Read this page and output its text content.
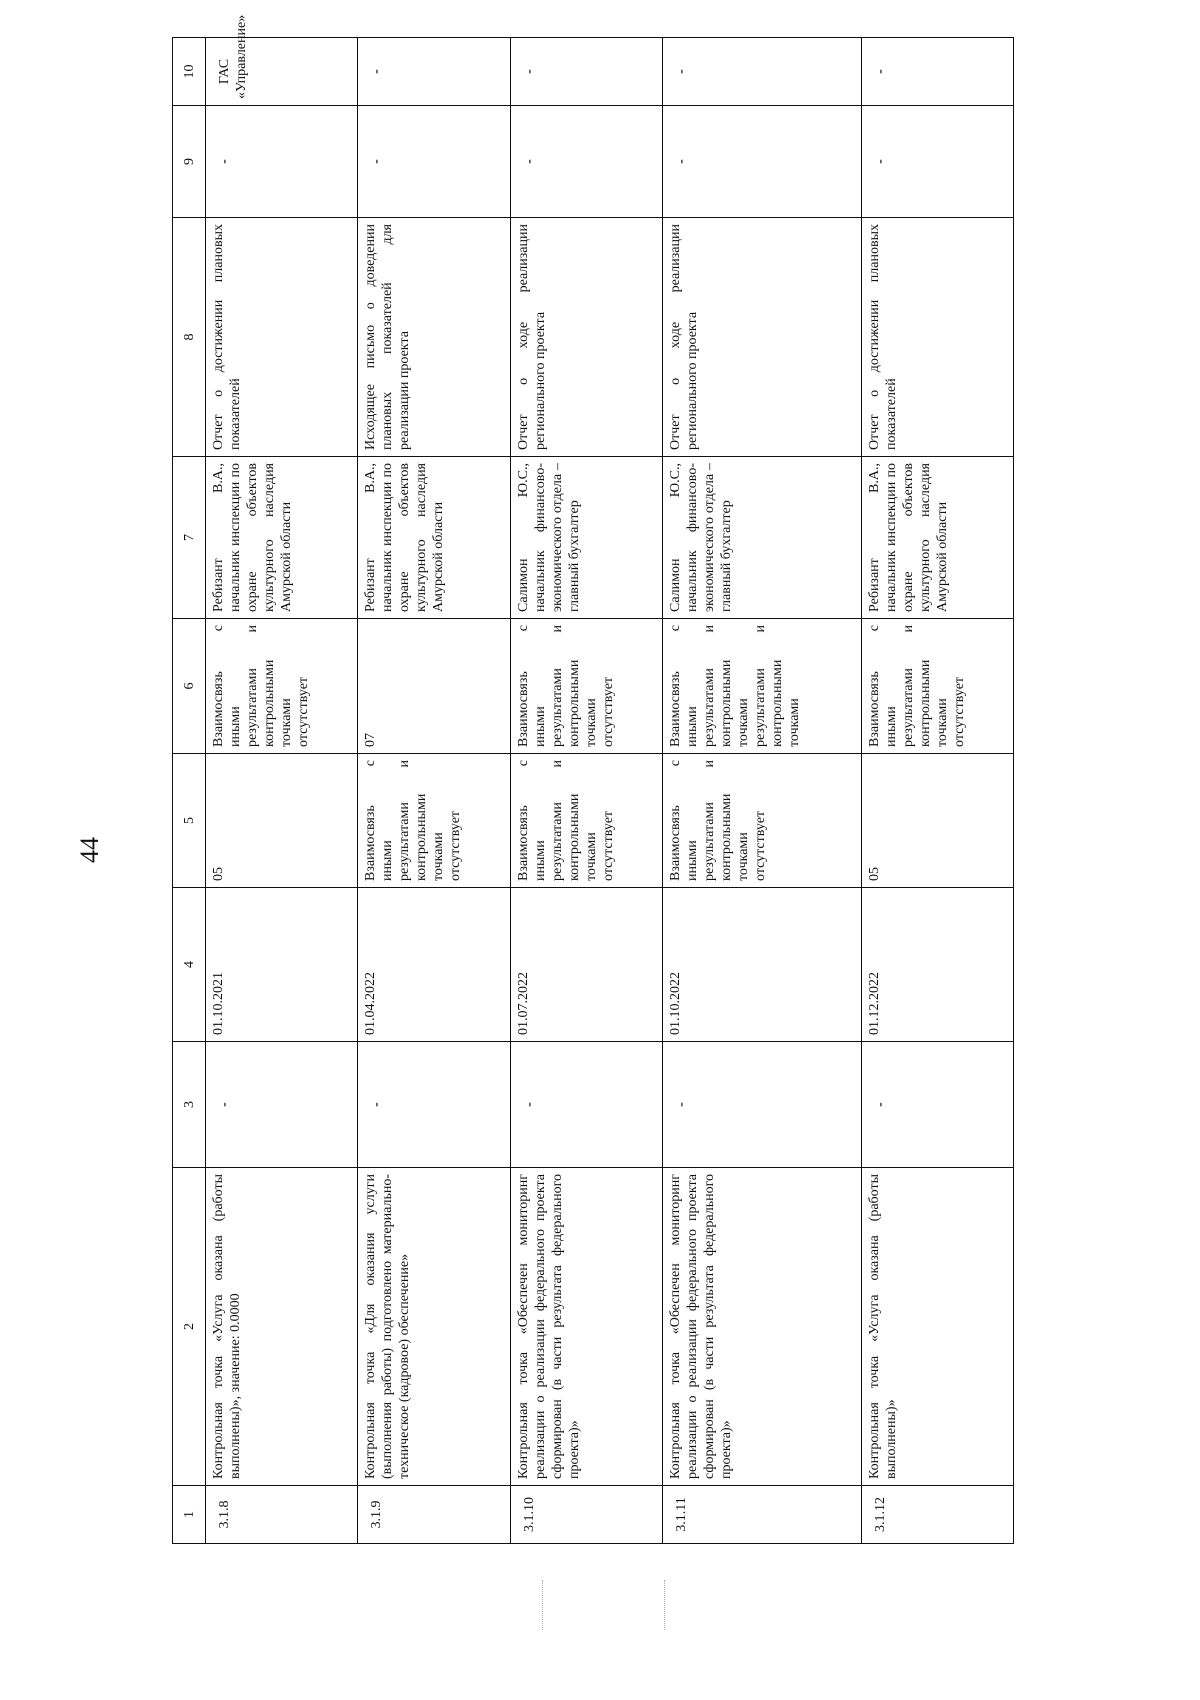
44
1	2	3	4	5	6	7	8	9	10
3.1.8	Контрольная точка «Услуга оказана (работы выполнены)», значение: 0.0000	-	01.10.2021	05	Взаимосвязь с иными результатами и контрольными точками отсутствует	Ребизант В.А., начальник инспекции по охране объектов культурного наследия Амурской области	Отчет о достижении плановых показателей	-	ГАС «Управление»
3.1.9	Контрольная точка «Для оказания услуги (выполнения работы) подготовлено материально-техническое (кадровое) обеспечение»	-	01.04.2022	Взаимосвязь с иными результатами и контрольными точками отсутствует	07	Ребизант В.А., начальник инспекции по охране объектов культурного наследия Амурской области	Исходящее письмо о доведении плановых показателей для реализации проекта	-	-
3.1.10	Контрольная точка «Обеспечен мониторинг реализации о реализации федерального проекта сформирован (в части результата федерального проекта)»	-	01.07.2022	Взаимосвязь с иными результатами и контрольными точками отсутствует	Взаимосвязь с иными результатами и контрольными точками отсутствует	Салимон Ю.С., начальник финансово-экономического отдела – главный бухгалтер	Отчет о ходе реализации регионального проекта	-	-
3.1.11	Контрольная точка «Обеспечен мониторинг реализации о реализации федерального проекта сформирован (в части результата федерального проекта)»	-	01.10.2022	Взаимосвязь с иными результатами и контрольными точками отсутствует	Взаимосвязь с иными результатами и контрольными точками результатами и контрольными точками	Салимон Ю.С., начальник финансово-экономического отдела – главный бухгалтер	Отчет о ходе реализации регионального проекта	-	-
3.1.12	Контрольная точка «Услуга оказана (работы выполнены)»	-	01.12.2022	05	Взаимосвязь с иными результатами и контрольными точками отсутствует	Ребизант В.А., начальник инспекции по охране объектов культурного наследия Амурской области	Отчет о достижении плановых показателей	-	-
